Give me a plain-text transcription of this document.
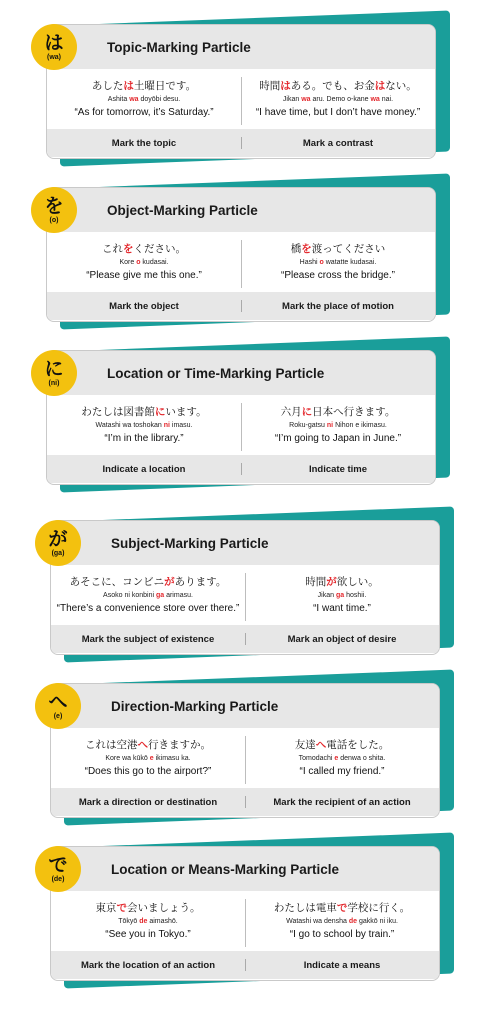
Topic-Marking Particle
あしたは土曜日です。
Ashita wa doyōbi desu.
“As for tomorrow, it’s Saturday.”
時間はある。でも、お金はない。
Jikan wa aru. Demo o-kane wa nai.
“I have time, but I don’t have money.”
Mark the topic	Mark a contrast
は
(wa)
Object-Marking Particle
これをください。
Kore o kudasai.
“Please give me this one.”
橋を渡ってください
Hashi o watatte kudasai.
“Please cross the bridge.”
Mark the object	Mark the place of motion
を
(o)
Location or Time-Marking Particle
わたしは図書館にいます。
Watashi wa toshokan ni imasu.
“I’m in the library.”
六月に日本へ行きます。
Roku-gatsu ni Nihon e ikimasu.
“I’m going to Japan in June.”
Indicate a location	Indicate time
に
(ni)
Subject-Marking Particle
あそこに、コンビニがあります。
Asoko ni konbini ga arimasu.
“There’s a convenience store over there.”
時間が欲しい。
Jikan ga hoshii.
“I want time.”
Mark the subject of existence	Mark an object of desire
が
(ga)
Direction-Marking Particle
これは空港へ行きますか。
Kore wa kūkō e ikimasu ka.
“Does this go to the airport?”
友達へ電話をした。
Tomodachi e denwa o shita.
“I called my friend.”
Mark a direction or destination	Mark the recipient of an action
へ
(e)
Location or Means-Marking Particle
東京で会いましょう。
Tōkyō de aimashō.
“See you in Tokyo.”
わたしは電車で学校に行く。
Watashi wa densha de gakkō ni iku.
“I go to school by train.”
Mark the location of an action	Indicate a means
で
(de)
